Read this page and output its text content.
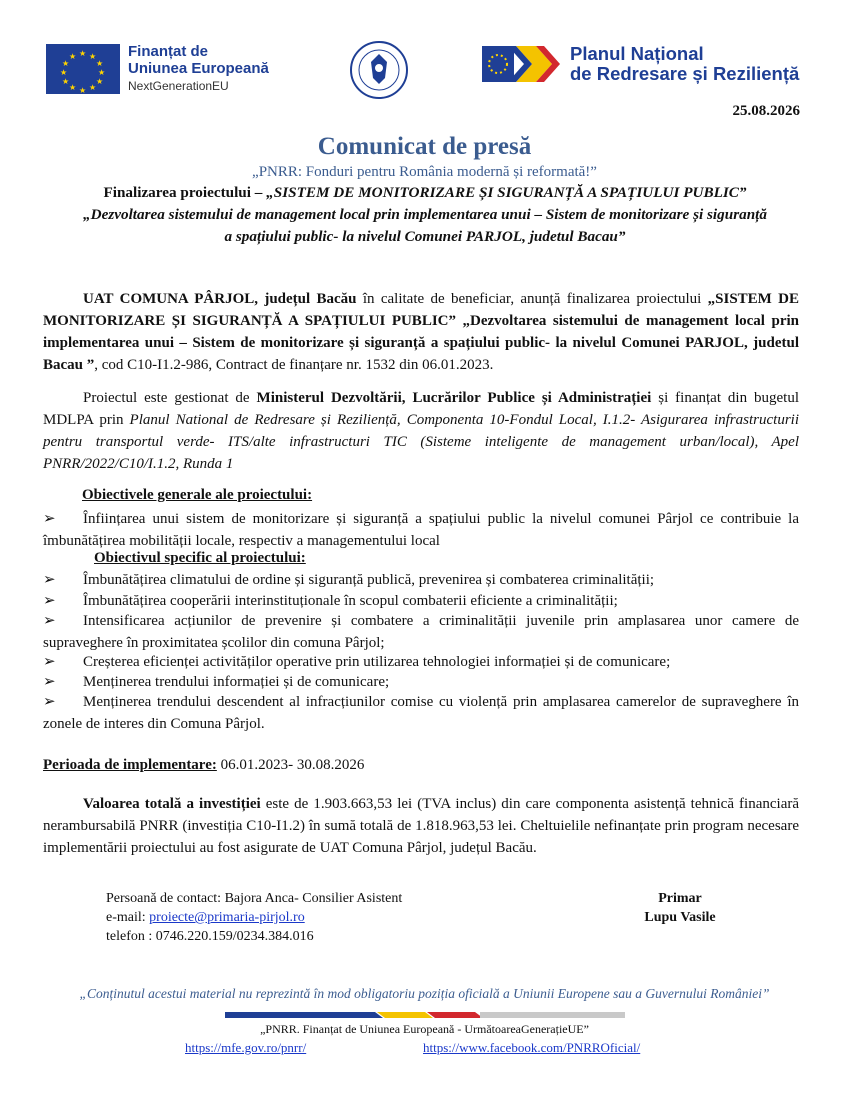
★ ★
★
★
★
★
★
★
★
★
★
★	Finanțat de
Uniunea Europeană
NextGenerationEU
Planul Național
de Redresare și Reziliență
25.08.2026
Comunicat de presă
„PNRR: Fonduri pentru România modernă și reformată!”
Finalizarea proiectului – „SISTEM DE MONITORIZARE ȘI SIGURANȚĂ A SPAȚIULUI PUBLIC” „Dezvoltarea sistemului de management local prin implementarea unui – Sistem de monitorizare și siguranță a spațiului public- la nivelul Comunei PARJOL, judetul Bacau”
UAT COMUNA PÂRJOL, județul Bacău în calitate de beneficiar, anunță finalizarea proiectului „SISTEM DE MONITORIZARE ȘI SIGURANȚĂ A SPAȚIULUI PUBLIC” „Dezvoltarea sistemului de management local prin implementarea unui – Sistem de monitorizare și siguranță a spațiului public- la nivelul Comunei PARJOL, judetul Bacau ”, cod C10-I1.2-986, Contract de finanțare nr. 1532 din 06.01.2023.
Proiectul este gestionat de Ministerul Dezvoltării, Lucrărilor Publice și Administrației și finanțat din bugetul MDLPA prin Planul National de Redresare și Reziliență, Componenta 10-Fondul Local, I.1.2- Asigurarea infrastructurii pentru transportul verde- ITS/alte infrastructuri TIC (Sisteme inteligente de management urban/local), Apel PNRR/2022/C10/I.1.2, Runda 1
Obiectivele generale ale proiectului:
➢ Înființarea unui sistem de monitorizare și siguranță a spațiului public la nivelul comunei Pârjol ce contribuie la îmbunătățirea mobilității locale, respectiv a managementului local
Obiectivul specific al proiectului:
➢ Îmbunătățirea climatului de ordine și siguranță publică, prevenirea și combaterea criminalității;
➢ Îmbunătățirea cooperării interinstituționale în scopul combaterii eficiente a criminalității;
➢ Intensificarea acțiunilor de prevenire și combatere a criminalității juvenile prin amplasarea unor camere de supraveghere în proximitatea școlilor din comuna Pârjol;
➢ Creșterea eficienței activităților operative prin utilizarea tehnologiei informației și de comunicare;
➢ Menținerea trendului informației și de comunicare;
➢ Menținerea trendului descendent al infracțiunilor comise cu violență prin amplasarea camerelor de supraveghere în zonele de interes din Comuna Pârjol.
Perioada de implementare: 06.01.2023- 30.08.2026
Valoarea totală a investiției este de 1.903.663,53 lei (TVA inclus) din care componenta asistență tehnică financiară nerambursabilă PNRR (investiția C10-I1.2) în sumă totală de 1.818.963,53 lei. Cheltuielile nefinanțate prin program necesare implementării proiectului au fost asigurate de UAT Comuna Pârjol, județul Bacău.
Persoană de contact: Bajora Anca- Consilier Asistent
e-mail: proiecte@primaria-pirjol.ro
telefon : 0746.220.159/0234.384.016
Primar
Lupu Vasile
„Conținutul acestui material nu reprezintă în mod obligatoriu poziția oficială a Uniunii Europene sau a Guvernului României”
„PNRR. Finanțat de Uniunea Europeană - UrmătoareaGenerațieUE”
https://mfe.gov.ro/pnrr/	https://www.facebook.com/PNRROficial/
